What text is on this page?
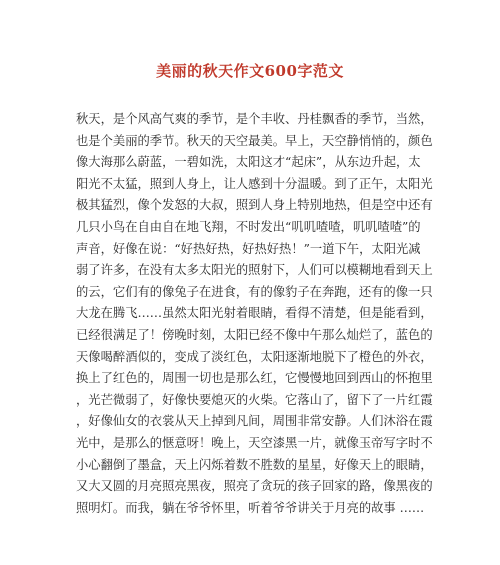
美丽的秋天作文600字范文
秋天，是个风高气爽的季节，是个丰收、丹桂飘香的季节，当然，
也是个美丽的季节。秋天的天空最美。早上，天空静悄悄的，颜色
像大海那么蔚蓝，一碧如洗，太阳这才“起床”，从东边升起，太
阳光不太猛，照到人身上，让人感到十分温暖。到了正午，太阳光
极其猛烈，像个发怒的大叔，照到人身上特别地热，但是空中还有
几只小鸟在自由自在地飞翔，不时发出“叽叽喳喳，叽叽喳喳”的
声音，好像在说：“好热好热，好热好热！”一道下午，太阳光减
弱了许多，在没有太多太阳光的照射下，人们可以模糊地看到天上
的云，它们有的像兔子在进食，有的像豹子在奔跑，还有的像一只
大龙在腾飞……虽然太阳光射着眼睛，看得不清楚，但是能看到，
已经很满足了！傍晚时刻，太阳已经不像中午那么灿烂了，蓝色的
天像喝醉酒似的，变成了淡红色，太阳逐渐地脱下了橙色的外衣，
换上了红色的，周围一切也是那么红，它慢慢地回到西山的怀抱里
，光芒微弱了，好像快要熄灭的火柴。它落山了，留下了一片红霞
，好像仙女的衣裳从天上掉到凡间，周围非常安静。人们沐浴在霞
光中，是那么的惬意呀！晚上，天空漆黑一片，就像玉帝写字时不
小心翻倒了墨盒，天上闪烁着数不胜数的星星，好像天上的眼睛，
又大又圆的月亮照亮黑夜，照亮了贪玩的孩子回家的路，像黑夜的
照明灯。而我，躺在爷爷怀里，听着爷爷讲关于月亮的故事 ……
